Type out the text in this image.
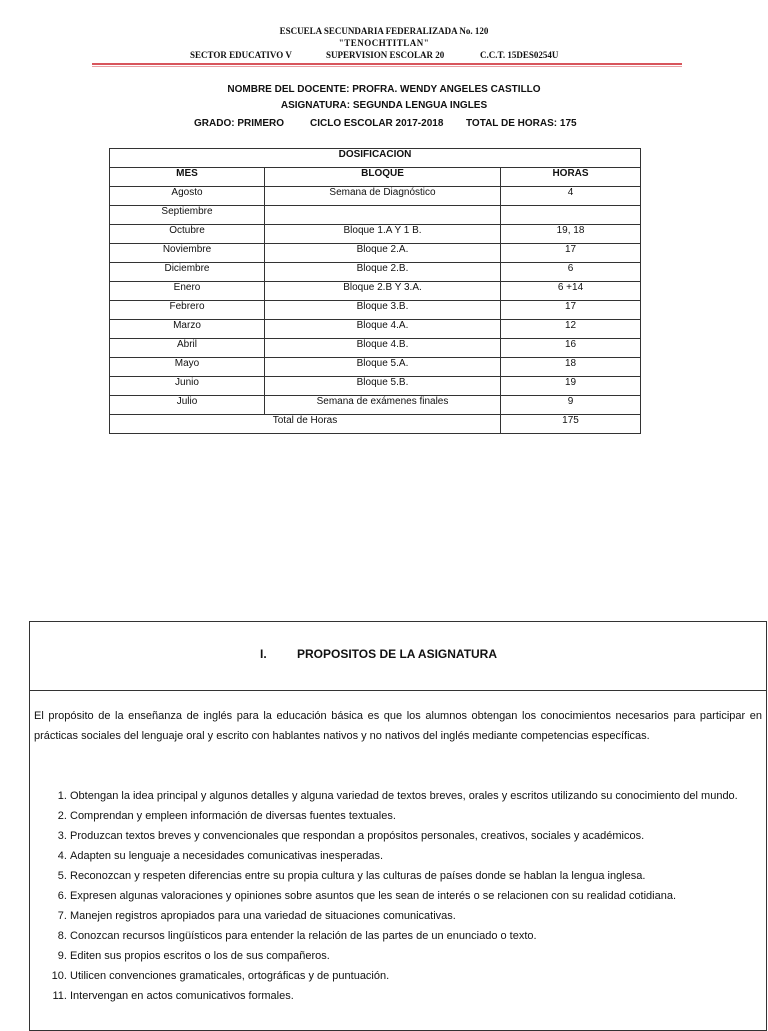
ESCUELA SECUNDARIA FEDERALIZADA No. 120
"TENOCHTITLAN"
SECTOR EDUCATIVO V	SUPERVISION ESCOLAR 20	C.C.T. 15DES0254U
NOMBRE DEL DOCENTE: PROFRA. WENDY ANGELES CASTILLO
ASIGNATURA: SEGUNDA LENGUA INGLES
GRADO: PRIMERO	CICLO ESCOLAR 2017-2018 TOTAL DE HORAS: 175
DOSIFICACION		
MES	BLOQUE	HORAS
Agosto	Semana de Diagnóstico	4
Septiembre		
Octubre	Bloque 1.A Y 1 B.	19, 18
Noviembre	Bloque 2.A.	17
Diciembre	Bloque 2.B.	6
Enero	Bloque 2.B Y 3.A.	6 +14
Febrero	Bloque 3.B.	17
Marzo	Bloque 4.A.	12
Abril	Bloque 4.B.	16
Mayo	Bloque 5.A.	18
Junio	Bloque 5.B.	19
Julio	Semana de exámenes finales	9
Total de Horas		175
I.	PROPOSITOS DE LA ASIGNATURA
El propósito de la enseñanza de inglés para la educación básica es que los alumnos obtengan los conocimientos necesarios para participar en prácticas sociales del lenguaje oral y escrito con hablantes nativos y no nativos del inglés mediante competencias específicas.
1. Obtengan la idea principal y algunos detalles y alguna variedad de textos breves, orales y escritos utilizando su conocimiento del mundo.
2. Comprendan y empleen información de diversas fuentes textuales.
3. Produzcan textos breves y convencionales que respondan a propósitos personales, creativos, sociales y académicos.
4. Adapten su lenguaje a necesidades comunicativas inesperadas.
5. Reconozcan y respeten diferencias entre su propia cultura y las culturas de países donde se hablan la lengua inglesa.
6. Expresen algunas valoraciones y opiniones sobre asuntos que les sean de interés o se relacionen con su realidad cotidiana.
7. Manejen registros apropiados para una variedad de situaciones comunicativas.
8. Conozcan recursos lingüísticos para entender la relación de las partes de un enunciado o texto.
9. Editen sus propios escritos o los de sus compañeros.
10. Utilicen convenciones gramaticales, ortográficas y de puntuación.
11. Intervengan en actos comunicativos formales.
